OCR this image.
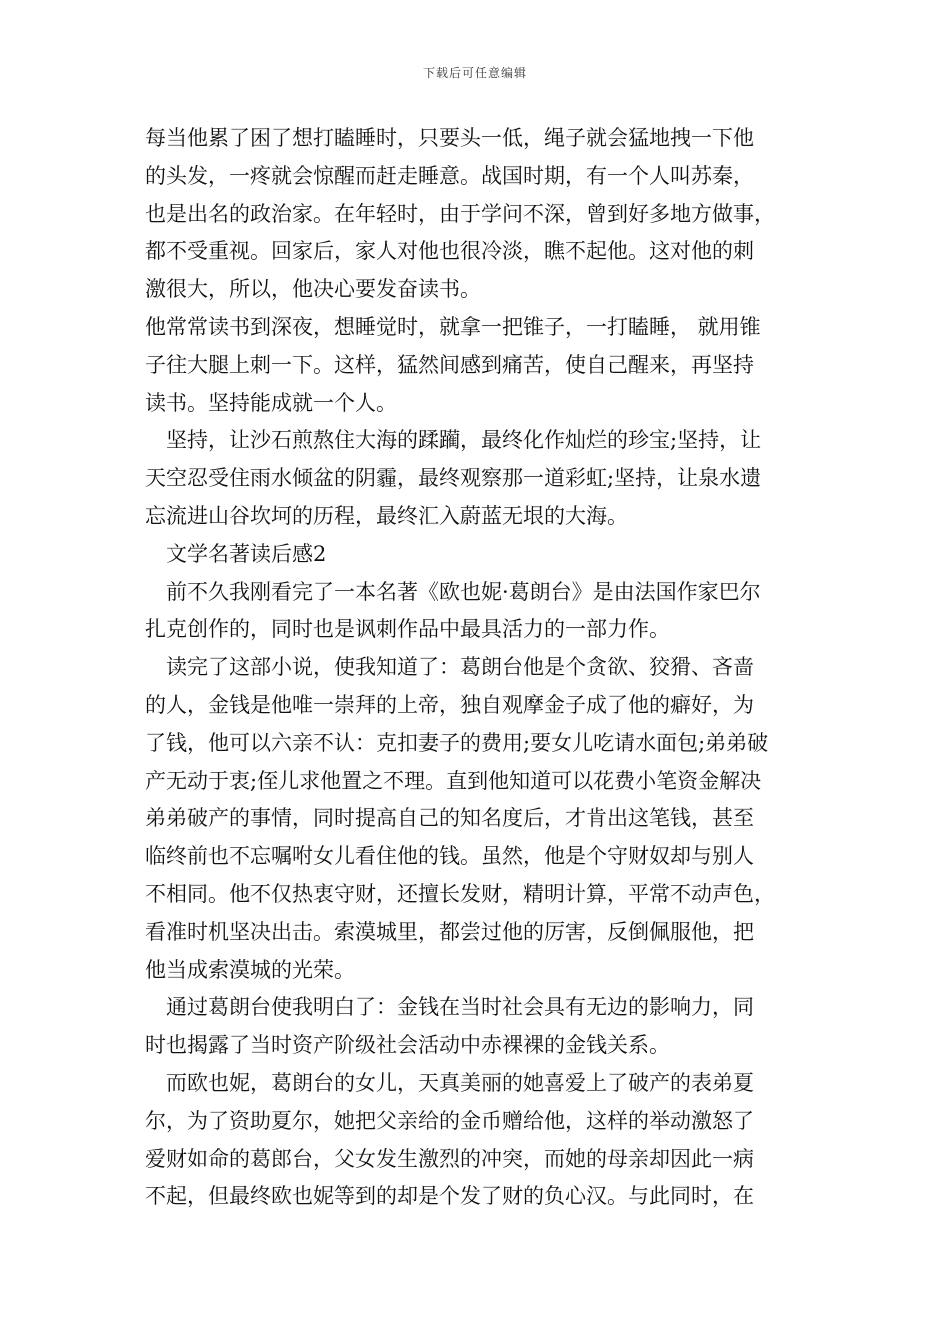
下载后可任意编辑
每当他累了困了想打瞌睡时，只要头一低，绳子就会猛地拽一下他
的头发，一疼就会惊醒而赶走睡意。战国时期，有一个人叫苏秦，
也是出名的政治家。在年轻时，由于学问不深，曾到好多地方做事，
都不受重视。回家后，家人对他也很冷淡，瞧不起他。这对他的刺
激很大，所以，他决心要发奋读书。
他常常读书到深夜，想睡觉时，就拿一把锥子，一打瞌睡， 就用锥
子往大腿上刺一下。这样，猛然间感到痛苦，使自己醒来，再坚持
读书。坚持能成就一个人。
　坚持，让沙石煎熬住大海的蹂躏，最终化作灿烂的珍宝;坚持，让
天空忍受住雨水倾盆的阴霾，最终观察那一道彩虹;坚持，让泉水遗
忘流进山谷坎坷的历程，最终汇入蔚蓝无垠的大海。
　文学名著读后感2
　前不久我刚看完了一本名著《欧也妮·葛朗台》是由法国作家巴尔
扎克创作的，同时也是讽刺作品中最具活力的一部力作。
　读完了这部小说，使我知道了：葛朗台他是个贪欲、狡猾、吝啬
的人，金钱是他唯一崇拜的上帝，独自观摩金子成了他的癖好，为
了钱，他可以六亲不认：克扣妻子的费用;要女儿吃请水面包;弟弟破
产无动于衷;侄儿求他置之不理。直到他知道可以花费小笔资金解决
弟弟破产的事情，同时提高自己的知名度后，才肯出这笔钱，甚至
临终前也不忘嘱咐女儿看住他的钱。虽然，他是个守财奴却与别人
不相同。他不仅热衷守财，还擅长发财，精明计算，平常不动声色，
看准时机坚决出击。索漠城里，都尝过他的厉害，反倒佩服他，把
他当成索漠城的光荣。
　通过葛朗台使我明白了：金钱在当时社会具有无边的影响力，同
时也揭露了当时资产阶级社会活动中赤裸裸的金钱关系。
　而欧也妮，葛朗台的女儿，天真美丽的她喜爱上了破产的表弟夏
尔，为了资助夏尔，她把父亲给的金币赠给他，这样的举动激怒了
爱财如命的葛郎台，父女发生激烈的冲突，而她的母亲却因此一病
不起，但最终欧也妮等到的却是个发了财的负心汉。与此同时，在
